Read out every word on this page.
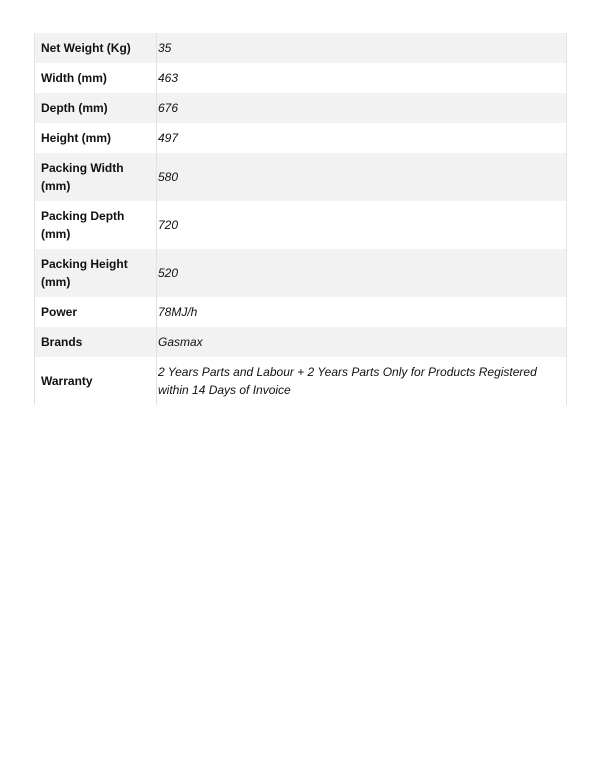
Net Weight (Kg)	35
Width (mm)	463
Depth (mm)	676
Height (mm)	497
Packing Width (mm)	580
Packing Depth (mm)	720
Packing Height (mm)	520
Power	78MJ/h
Brands	Gasmax
Warranty	2 Years Parts and Labour + 2 Years Parts Only for Products Registered within 14 Days of Invoice
